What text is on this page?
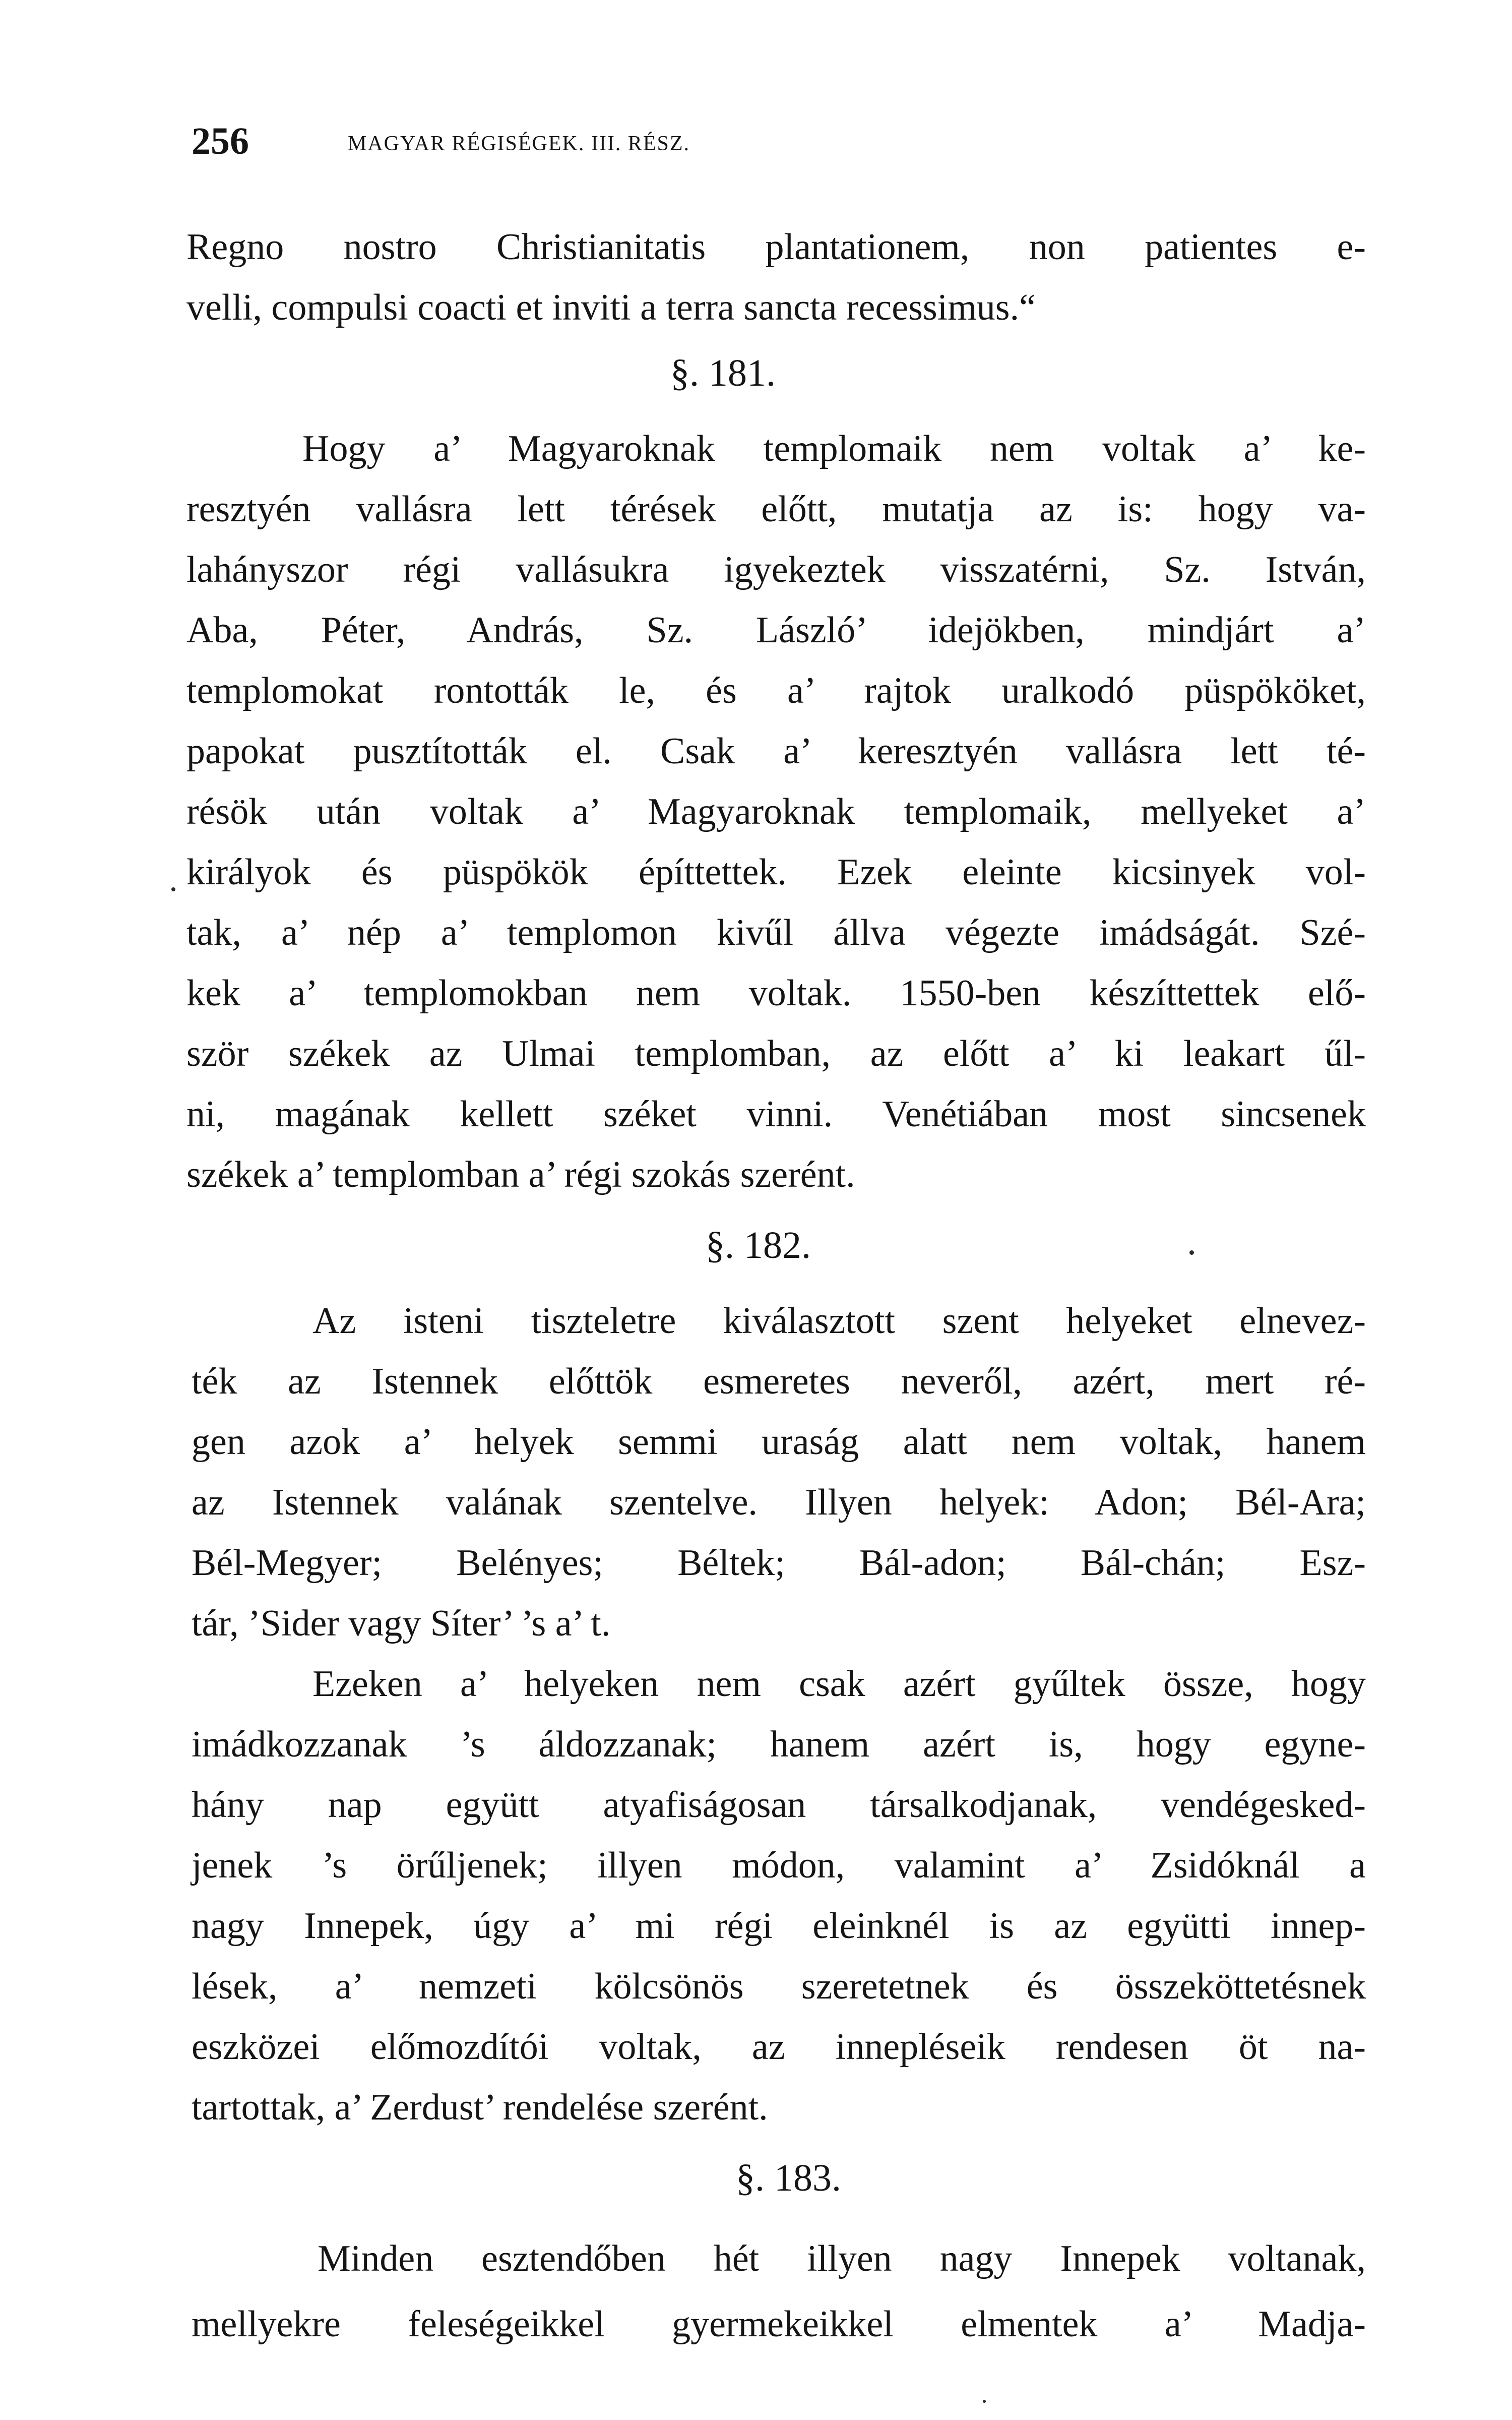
256	MAGYAR RÉGISÉGEK. III. RÉSZ.
Regno nostro Christianitatis plantationem, non patientes e-
velli, compulsi coacti et inviti a terra sancta recessimus.“
§. 181.
Hogy a’ Magyaroknak templomaik nem voltak a’ ke-
resztyén vallásra lett térések előtt, mutatja az is: hogy va-
lahányszor régi vallásukra igyekeztek visszatérni, Sz. István,
Aba, Péter, András, Sz. László’ idejökben, mindjárt a’
templomokat rontották le, és a’ rajtok uralkodó püspököket,
papokat pusztították el. Csak a’ keresztyén vallásra lett té-
résök után voltak a’ Magyaroknak templomaik, mellyeket a’
királyok és püspökök építtettek. Ezek eleinte kicsinyek vol-
tak, a’ nép a’ templomon kivűl állva végezte imádságát. Szé-
kek a’ templomokban nem voltak. 1550-ben készíttettek elő-
ször székek az Ulmai templomban, az előtt a’ ki leakart űl-
ni, magának kellett széket vinni. Venétiában most sincsenek
székek a’ templomban a’ régi szokás szerént.
§. 182.
Az isteni tiszteletre kiválasztott szent helyeket elnevez-
ték az Istennek előttök esmeretes neveről, azért, mert ré-
gen azok a’ helyek semmi uraság alatt nem voltak, hanem
az Istennek valának szentelve. Illyen helyek: Adon; Bél-Ara;
Bél-Megyer; Belényes; Béltek; Bál-adon; Bál-chán; Esz-
tár, ’Sider vagy Síter’ ’s a’ t.
Ezeken a’ helyeken nem csak azért gyűltek össze, hogy
imádkozzanak ’s áldozzanak; hanem azért is, hogy egyne-
hány nap együtt atyafiságosan társalkodjanak, vendégesked-
jenek ’s örűljenek; illyen módon, valamint a’ Zsidóknál a
nagy Innepek, úgy a’ mi régi eleinknél is az együtti innep-
lések, a’ nemzeti kölcsönös szeretetnek és összeköttetésnek
eszközei előmozdítói voltak, az innepléseik rendesen öt na-
tartottak, a’ Zerdust’ rendelése szerént.
§. 183.
Minden esztendőben hét illyen nagy Innepek voltanak,
mellyekre feleségeikkel gyermekeikkel elmentek a’ Madja-
